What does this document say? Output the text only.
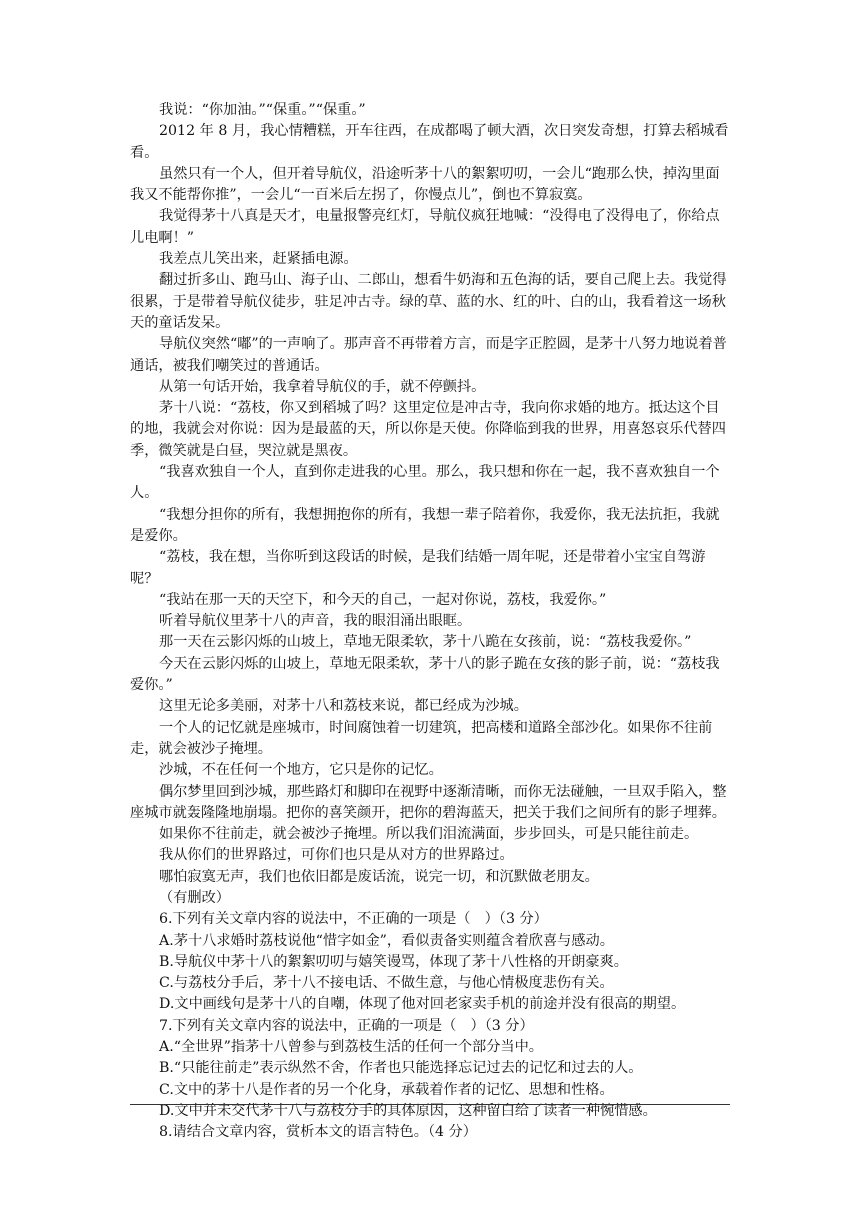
我说：“你加油。”“保重。”“保重。”

2012 年 8 月，我心情糟糕，开车往西，在成都喝了顿大酒，次日突发奇想，打算去稻城看看。

虽然只有一个人，但开着导航仪，沿途听茅十八的絮絮叨叨，一会儿“跑那么快，掉沟里面我又不能帮你推”，一会儿“一百米后左拐了，你慢点儿”，倒也不算寂寞。

我觉得茅十八真是天才，电量报警亮红灯，导航仪疯狂地喊：“没得电了没得电了，你给点儿电啊！”

我差点儿笑出来，赶紧插电源。

翻过折多山、跑马山、海子山、二郎山，想看牛奶海和五色海的话，要自己爬上去。我觉得很累，于是带着导航仪徒步，驻足冲古寺。绿的草、蓝的水、红的叶、白的山，我看着这一场秋天的童话发呆。

导航仪突然“嘟”的一声响了。那声音不再带着方言，而是字正腔圆，是茅十八努力地说着普通话，被我们嘲笑过的普通话。

从第一句话开始，我拿着导航仪的手，就不停颤抖。

茅十八说：“荔枝，你又到稻城了吗？这里定位是冲古寺，我向你求婚的地方。抵达这个目的地，我就会对你说：因为是最蓝的天，所以你是天使。你降临到我的世界，用喜怒哀乐代替四季，微笑就是白昼，哭泣就是黑夜。

“我喜欢独自一个人，直到你走进我的心里。那么，我只想和你在一起，我不喜欢独自一个人。

“我想分担你的所有，我想拥抱你的所有，我想一辈子陪着你，我爱你，我无法抗拒，我就是爱你。

“荔枝，我在想，当你听到这段话的时候，是我们结婚一周年呢，还是带着小宝宝自驾游呢？

“我站在那一天的天空下，和今天的自己，一起对你说，荔枝，我爱你。”

听着导航仪里茅十八的声音，我的眼泪涌出眼眶。

那一天在云影闪烁的山坡上，草地无限柔软，茅十八跪在女孩前，说：“荔枝我爱你。”

今天在云影闪烁的山坡上，草地无限柔软，茅十八的影子跪在女孩的影子前，说：“荔枝我爱你。”

这里无论多美丽，对茅十八和荔枝来说，都已经成为沙城。

一个人的记忆就是座城市，时间腐蚀着一切建筑，把高楼和道路全部沙化。如果你不往前走，就会被沙子掩埋。

沙城，不在任何一个地方，它只是你的记忆。

偶尔梦里回到沙城，那些路灯和脚印在视野中逐渐清晰，而你无法碰触，一旦双手陷入，整座城市就轰隆隆地崩塌。把你的喜笑颜开，把你的碧海蓝天，把关于我们之间所有的影子埋葬。

如果你不往前走，就会被沙子掩埋。所以我们泪流满面，步步回头，可是只能往前走。

我从你们的世界路过，可你们也只是从对方的世界路过。

哪怕寂寞无声，我们也依旧都是废话流，说完一切，和沉默做老朋友。

（有删改）

6.下列有关文章内容的说法中，不正确的一项是（　）（3 分）

A.茅十八求婚时荔枝说他“惜字如金”，看似责备实则蕴含着欣喜与感动。

B.导航仪中茅十八的絮絮叨叨与嬉笑谩骂，体现了茅十八性格的开朗豪爽。

C.与荔枝分手后，茅十八不接电话、不做生意，与他心情极度悲伤有关。

D.文中画线句是茅十八的自嘲，体现了他对回老家卖手机的前途并没有很高的期望。

7.下列有关文章内容的说法中，正确的一项是（　）（3 分）

A.“全世界”指茅十八曾参与到荔枝生活的任何一个部分当中。

B.“只能往前走”表示纵然不舍，作者也只能选择忘记过去的记忆和过去的人。

C.文中的茅十八是作者的另一个化身，承载着作者的记忆、思想和性格。

D.文中并未交代茅十八与荔枝分手的具体原因，这种留白给了读者一种惋惜感。

8.请结合文章内容，赏析本文的语言特色。（4 分）
